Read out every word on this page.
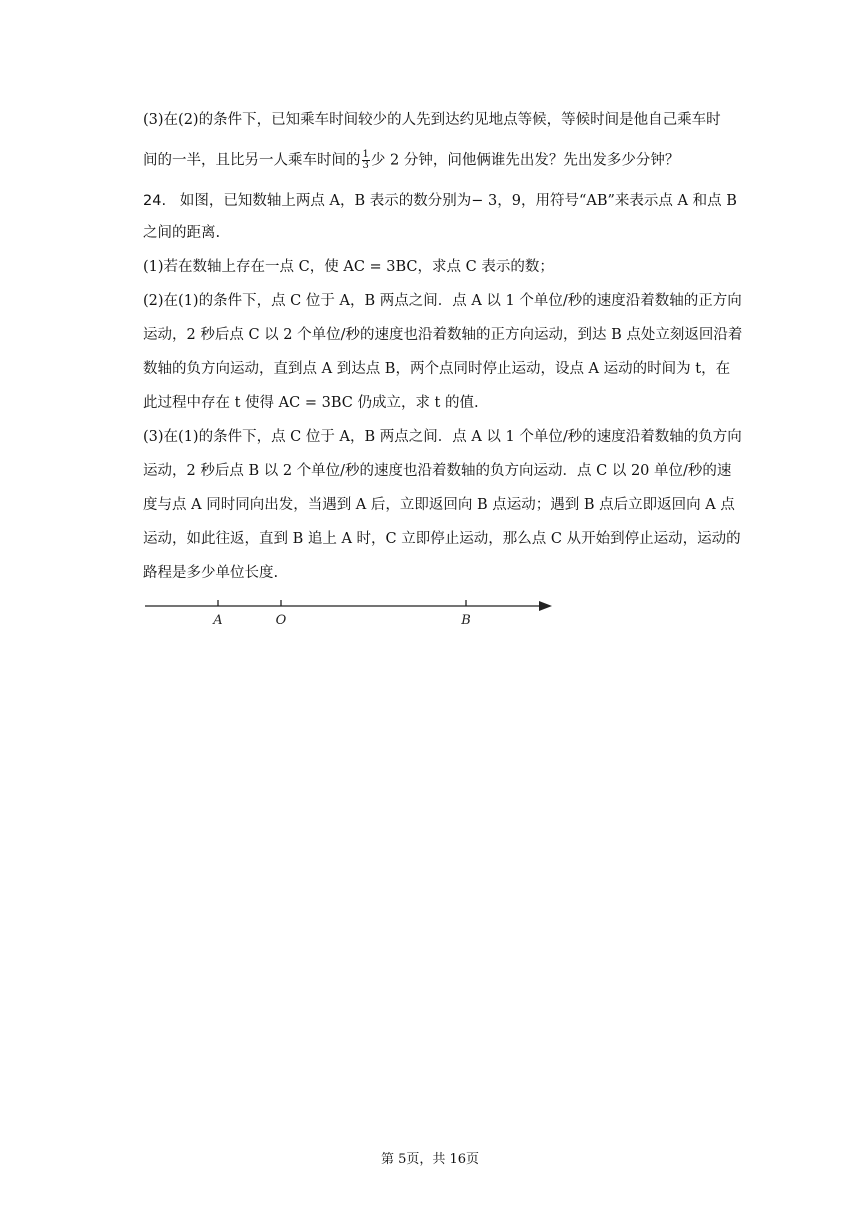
(3)在(2)的条件下，已知乘车时间较少的人先到达约见地点等候，等候时间是他自己乘车时
间的一半，且比另一人乘车时间的 $\frac{1}{3}$ 少 2 分钟，问他俩谁先出发？先出发多少分钟？
24. 如图，已知数轴上两点 A，B 表示的数分别为− 3，9，用符号“AB”来表示点 A 和点 B
之间的距离.
(1)若在数轴上存在一点 C，使 AC = 3BC，求点 C 表示的数；
(2)在(1)的条件下，点 C 位于 A，B 两点之间．点 A 以 1 个单位/秒的速度沿着数轴的正方向
运动，2 秒后点 C 以 2 个单位/秒的速度也沿着数轴的正方向运动，到达 B 点处立刻返回沿着
数轴的负方向运动，直到点 A 到达点 B，两个点同时停止运动，设点 A 运动的时间为 t，在
此过程中存在 t 使得 AC = 3BC 仍成立，求 t 的值.
(3)在(1)的条件下，点 C 位于 A，B 两点之间．点 A 以 1 个单位/秒的速度沿着数轴的负方向
运动，2 秒后点 B 以 2 个单位/秒的速度也沿着数轴的负方向运动．点 C 以 20 单位/秒的速
度与点 A 同时同向出发，当遇到 A 后，立即返回向 B 点运动；遇到 B 点后立即返回向 A 点
运动，如此往返，直到 B 追上 A 时，C 立即停止运动，那么点 C 从开始到停止运动，运动的
路程是多少单位长度.
A	O	B
第 5页，共 16页
